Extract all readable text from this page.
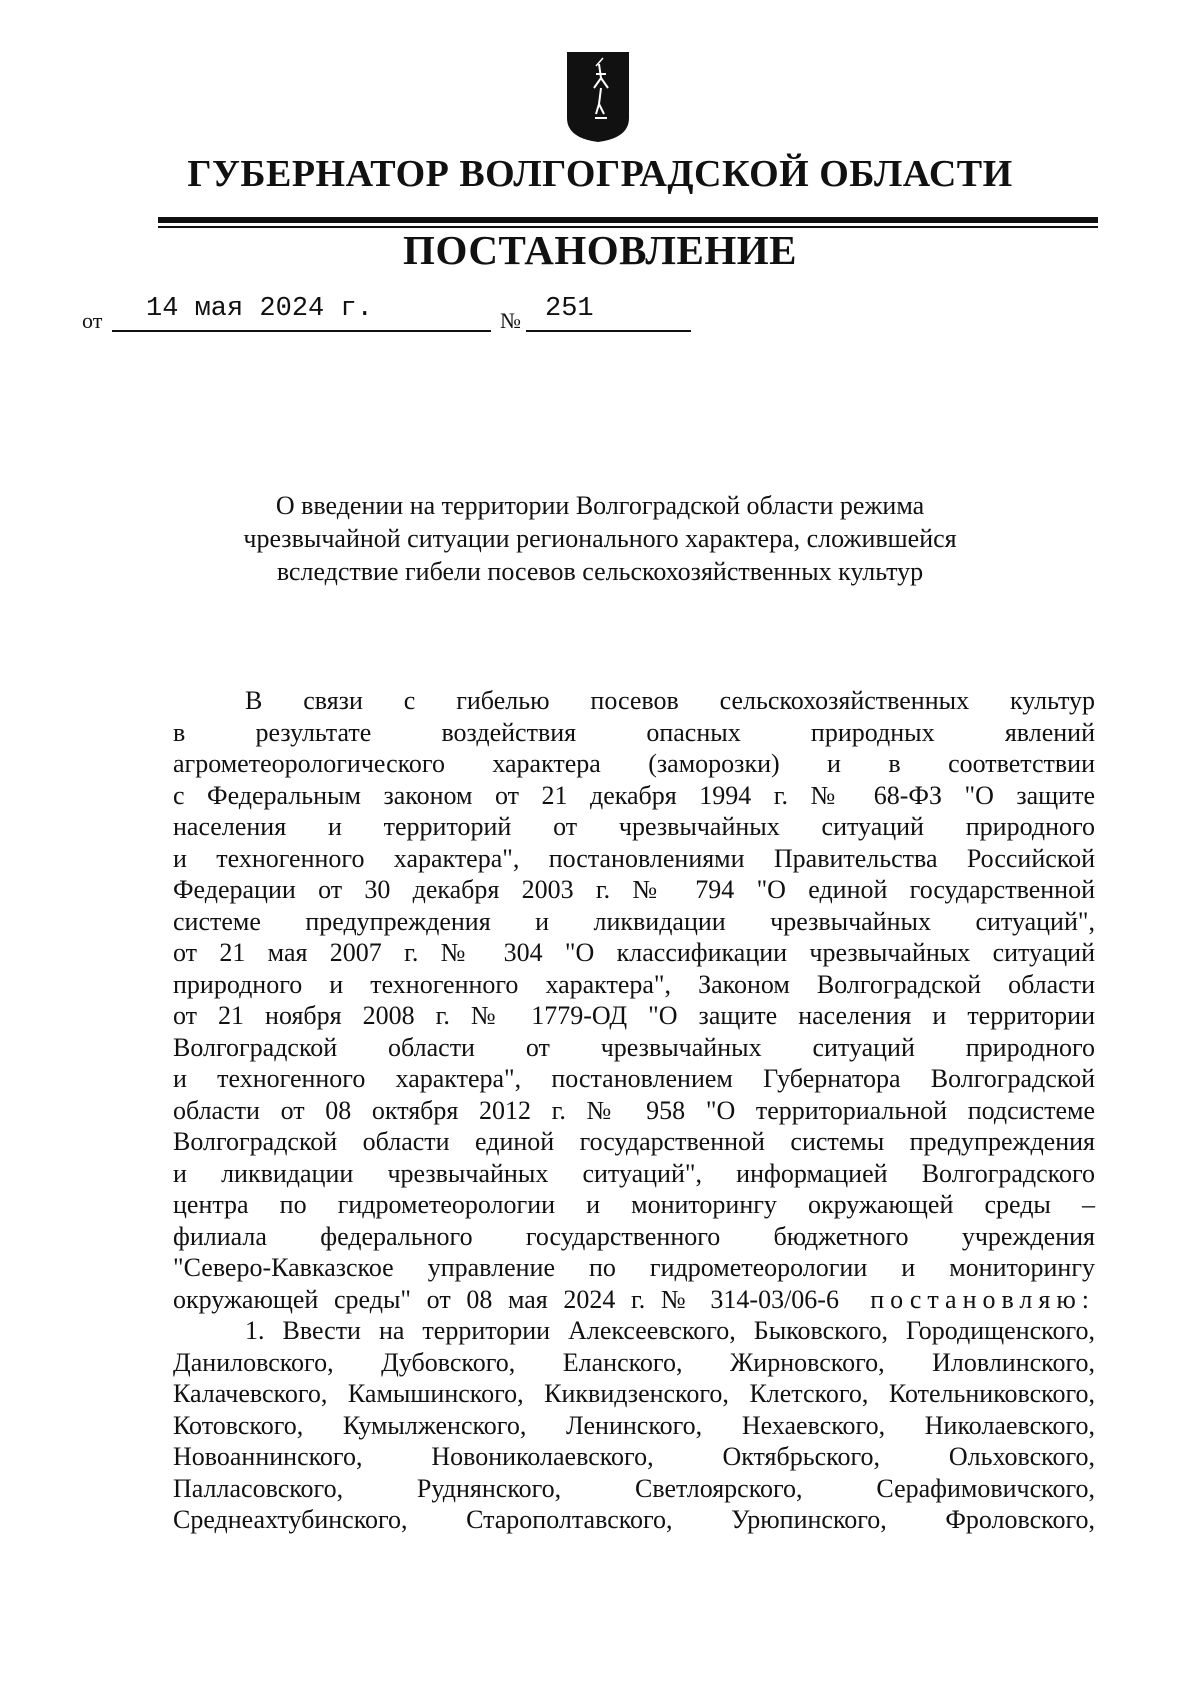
ГУБЕРНАТОР ВОЛГОГРАДСКОЙ ОБЛАСТИ
ПОСТАНОВЛЕНИЕ
от 14 мая 2024 г.	№ 251
О введении на территории Волгоградской области режима
чрезвычайной ситуации регионального характера, сложившейся
вследствие гибели посевов сельскохозяйственных культур
В связи с гибелью посевов сельскохозяйственных культур
в результате воздействия опасных природных явлений
агрометеорологического характера (заморозки) и в соответствии
с Федеральным законом от 21 декабря 1994 г. № 68-ФЗ "О защите
населения и территорий от чрезвычайных ситуаций природного
и техногенного характера", постановлениями Правительства Российской
Федерации от 30 декабря 2003 г. № 794 "О единой государственной
системе предупреждения и ликвидации чрезвычайных ситуаций",
от 21 мая 2007 г. № 304 "О классификации чрезвычайных ситуаций
природного и техногенного характера", Законом Волгоградской области
от 21 ноября 2008 г. № 1779-ОД "О защите населения и территории
Волгоградской области от чрезвычайных ситуаций природного
и техногенного характера", постановлением Губернатора Волгоградской
области от 08 октября 2012 г. № 958 "О территориальной подсистеме
Волгоградской области единой государственной системы предупреждения
и ликвидации чрезвычайных ситуаций", информацией Волгоградского
центра по гидрометеорологии и мониторингу окружающей среды –
филиала федерального государственного бюджетного учреждения
"Северо-Кавказское управление по гидрометеорологии и мониторингу
окружающей среды" от 08 мая 2024 г. № 314-03/06-6 постановляю:
1. Ввести на территории Алексеевского, Быковского, Городищенского,
Даниловского, Дубовского, Еланского, Жирновского, Иловлинского,
Калачевского, Камышинского, Киквидзенского, Клетского, Котельниковского,
Котовского, Кумылженского, Ленинского, Нехаевского, Николаевского,
Новоаннинского, Новониколаевского, Октябрьского, Ольховского,
Палласовского, Руднянского, Светлоярского, Серафимовичского,
Среднеахтубинского, Старополтавского, Урюпинского, Фроловского,
